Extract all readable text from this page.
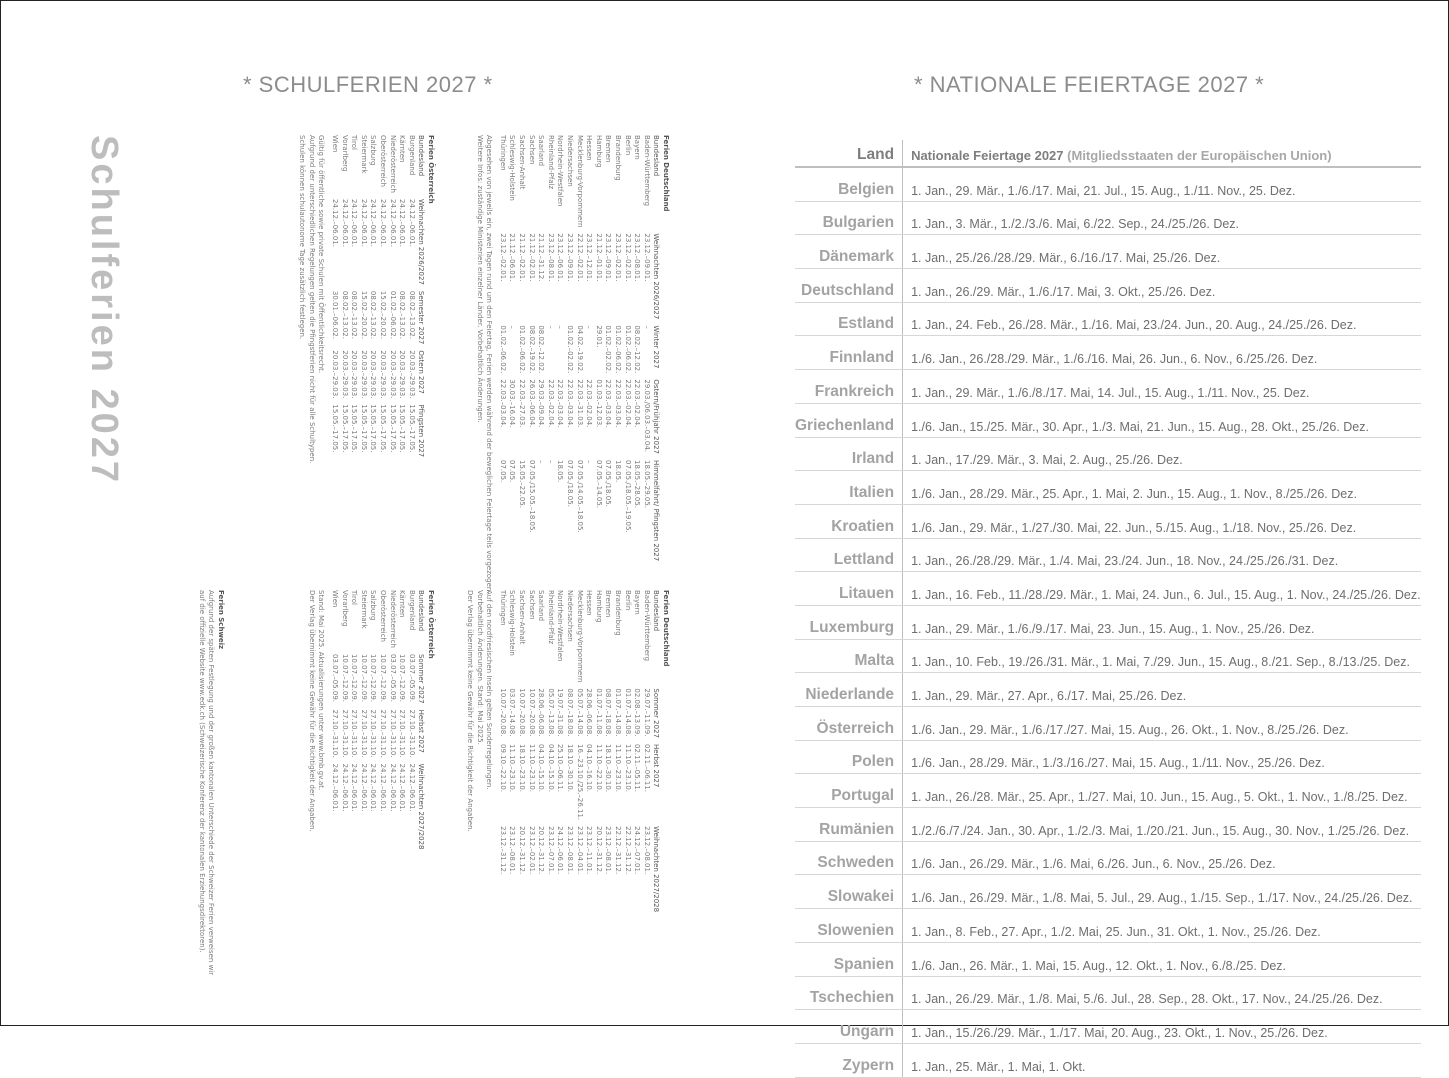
* SCHULFERIEN 2027 *	* NATIONALE FEIERTAGE 2027 *
Schulferien 2027	Ferien Deutschland
Bundesland	Weihnachten 2026/2027	Winter 2027	Ostern/Frühjahr 2027	Himmelfahrt/ Pfingsten 2027
Baden-Württemberg	23.12.–09.01.	–	29.03./06.03.–03.04.	18.05.–29.05.
Bayern	23.12.–08.01.	08.02.–12.02.	22.03.–02.04.	18.05.–28.05.
Berlin	23.12.–02.01.	01.02.–06.02.	22.03.–02.04.	07.05./18.05.–19.05.
Brandenburg	23.12.–02.01.	01.02.–06.02.	22.03.–03.04.	18.05.
Bremen	23.12.–09.01.	01.02.–02.02.	22.03.–03.04.	07.05./18.05.
Hamburg	21.12.–01.01.	29.01.	01.03.–12.03.	07.05.–14.05.
Hessen	23.12.–12.01.	–	22.03.–02.04.	–
Mecklenburg-Vorpommern	22.12.–02.01.	04.02.–19.02.	22.03.–31.03.	07.05./14.05.–18.05.
Niedersachsen	23.12.–09.01.	01.02.–02.02.	22.03.–03.04.	07.05./18.05.
Nordrhein-Westfalen	23.12.–06.01.	–	22.03.–03.04.	18.05.
Rheinland-Pfalz	23.12.–08.01.	–	22.03.–02.04.	–
Saarland	21.12.–31.12.	08.02.–12.02.	29.03.–09.04.	–
Sachsen	21.12.–02.01.	08.02.–19.02.	26.03.–06.04.	07.05./15.05.–18.05.
Sachsen-Anhalt	21.12.–02.01.	01.02.–06.02.	22.03.–27.03.	15.05.–22.05.
Schleswig-Holstein	21.12.–06.01.	–	30.03.–16.04.	07.05.
Thüringen	23.12.–02.01.	01.02.–06.02.	22.03.–03.04.	07.05.
Abgesehen von jeweils ein, zwei Tagen rund um den Feiertag, Ferien werden während der beweglichen Feiertage teils vorgezogen.
Weitere Infos: zuständige Ministerien einzelner Länder. Vorbehaltlich Änderungen.
Ferien Österreich
Bundesland	Weihnachten 2026/2027	Semester 2027	Ostern 2027	Pfingsten 2027
Burgenland	24.12.–06.01.	08.02.–13.02.	20.03.–29.03.	15.05.–17.05.
Kärnten	24.12.–06.01.	08.02.–13.02.	20.03.–29.03.	15.05.–17.05.
Niederösterreich	24.12.–06.01.	01.02.–06.02.	20.03.–29.03.	15.05.–17.05.
Oberösterreich	24.12.–06.01.	15.02.–20.02.	20.03.–29.03.	15.05.–17.05.
Salzburg	24.12.–06.01.	08.02.–13.02.	20.03.–29.03.	15.05.–17.05.
Steiermark	24.12.–06.01.	15.02.–20.02.	20.03.–29.03.	15.05.–17.05.
Tirol	24.12.–06.01.	08.02.–13.02.	20.03.–29.03.	15.05.–17.05.
Vorarlberg	24.12.–06.01.	08.02.–13.02.	20.03.–29.03.	15.05.–17.05.
Wien	24.12.–06.01.	30.01.–06.02.	20.03.–29.03.	15.05.–17.05.
Gültig für öffentliche sowie private Schulen mit Öffentlichkeitsrecht.
Aufgrund der unterschiedlichen Regelungen gelten die Pfingstferien nicht für alle Schultypen.
Schulen können schulautonome Tage zusätzlich festlegen.
Ferien Deutschland
Bundesland	Sommer 2027	Herbst 2027	Weihnachten 2027/2028
Baden-Württemberg	29.07.–11.09.	02.11.–06.11.	23.12.–08.01.
Bayern	02.08.–13.09.	02.11.–05.11.	24.12.–07.01.
Berlin	01.07.–14.08.	11.10.–23.10.	22.12.–31.12.
Brandenburg	01.07.–14.08.	11.10.–23.10.	22.12.–31.12.
Bremen	08.07.–18.08.	18.10.–30.10.	23.12.–08.01.
Hamburg	01.07.–11.08.	11.10.–22.10.	20.12.–31.12.
Hessen	28.06.–06.08.	04.10.–16.10.	23.12.–11.01.
Mecklenburg-Vorpommern	05.07.–14.08.	16.–23.10./25.–26.11.	23.12.–04.01.
Niedersachsen	08.07.–18.08.	18.10.–30.10.	23.12.–08.01.
Nordrhein-Westfalen	19.07.–31.08.	25.10.–06.11.	24.12.–06.01.
Rheinland-Pfalz	05.07.–13.08.	04.10.–15.10.	23.12.–07.01.
Saarland	28.06.–06.08.	04.10.–15.10.	20.12.–31.12.
Sachsen	10.07.–20.08.	11.10.–23.10.	23.12.–02.01.
Sachsen-Anhalt	10.07.–20.08.	18.10.–23.10.	20.12.–31.12.
Schleswig-Holstein	03.07.–14.08.	11.10.–23.10.	23.12.–08.01.
Thüringen	10.07.–20.08.	09.10.–22.10.	23.12.–31.12.
Auf den nordfriesischen Inseln gelten Sonderregelungen.
Vorbehaltlich Änderungen. Stand: Mai 2025.
Der Verlag übernimmt keine Gewähr für die Richtigkeit der Angaben.
Ferien Österreich
Bundesland	Sommer 2027	Herbst 2027	Weihnachten 2027/2028
Burgenland	03.07.–05.09.	27.10.–31.10.	24.12.–06.01.
Kärnten	10.07.–12.09.	27.10.–31.10.	24.12.–06.01.
Niederösterreich	03.07.–05.09.	27.10.–31.10.	24.12.–06.01.
Oberösterreich	10.07.–12.09.	27.10.–31.10.	24.12.–06.01.
Salzburg	10.07.–12.09.	27.10.–31.10.	24.12.–06.01.
Steiermark	10.07.–12.09.	27.10.–31.10.	24.12.–06.01.
Tirol	10.07.–12.09.	27.10.–31.10.	24.12.–06.01.
Vorarlberg	10.07.–12.09.	27.10.–31.10.	24.12.–06.01.
Wien	03.07.–05.09.	27.10.–31.10.	24.12.–06.01.
Stand: Mai 2025. Aktualisierungen unter www.bmb.gv.at.
Der Verlag übernimmt keine Gewähr für die Richtigkeit der Angaben.
Ferien Schweiz
Aufgrund der späten Festlegung und der großen kantonalen Unterschiede der Schweizer Ferien verweisen wir
auf die offizielle Website www.edk.ch (Schweizerische Konferenz der kantonalen Erziehungsdirektoren).
Land	Nationale Feiertage 2027 (Mitgliedsstaaten der Europäischen Union)
Belgien	1. Jan., 29. Mär., 1./6./17. Mai, 21. Jul., 15. Aug., 1./11. Nov., 25. Dez.
Bulgarien	1. Jan., 3. Mär., 1./2./3./6. Mai, 6./22. Sep., 24./25./26. Dez.
Dänemark	1. Jan., 25./26./28./29. Mär., 6./16./17. Mai, 25./26. Dez.
Deutschland	1. Jan., 26./29. Mär., 1./6./17. Mai, 3. Okt., 25./26. Dez.
Estland	1. Jan., 24. Feb., 26./28. Mär., 1./16. Mai, 23./24. Jun., 20. Aug., 24./25./26. Dez.
Finnland	1./6. Jan., 26./28./29. Mär., 1./6./16. Mai, 26. Jun., 6. Nov., 6./25./26. Dez.
Frankreich	1. Jan., 29. Mär., 1./6./8./17. Mai, 14. Jul., 15. Aug., 1./11. Nov., 25. Dez.
Griechenland	1./6. Jan., 15./25. Mär., 30. Apr., 1./3. Mai, 21. Jun., 15. Aug., 28. Okt., 25./26. Dez.
Irland	1. Jan., 17./29. Mär., 3. Mai, 2. Aug., 25./26. Dez.
Italien	1./6. Jan., 28./29. Mär., 25. Apr., 1. Mai, 2. Jun., 15. Aug., 1. Nov., 8./25./26. Dez.
Kroatien	1./6. Jan., 29. Mär., 1./27./30. Mai, 22. Jun., 5./15. Aug., 1./18. Nov., 25./26. Dez.
Lettland	1. Jan., 26./28./29. Mär., 1./4. Mai, 23./24. Jun., 18. Nov., 24./25./26./31. Dez.
Litauen	1. Jan., 16. Feb., 11./28./29. Mär., 1. Mai, 24. Jun., 6. Jul., 15. Aug., 1. Nov., 24./25./26. Dez.
Luxemburg	1. Jan., 29. Mär., 1./6./9./17. Mai, 23. Jun., 15. Aug., 1. Nov., 25./26. Dez.
Malta	1. Jan., 10. Feb., 19./26./31. Mär., 1. Mai, 7./29. Jun., 15. Aug., 8./21. Sep., 8./13./25. Dez.
Niederlande	1. Jan., 29. Mär., 27. Apr., 6./17. Mai, 25./26. Dez.
Österreich	1./6. Jan., 29. Mär., 1./6./17./27. Mai, 15. Aug., 26. Okt., 1. Nov., 8./25./26. Dez.
Polen	1./6. Jan., 28./29. Mär., 1./3./16./27. Mai, 15. Aug., 1./11. Nov., 25./26. Dez.
Portugal	1. Jan., 26./28. Mär., 25. Apr., 1./27. Mai, 10. Jun., 15. Aug., 5. Okt., 1. Nov., 1./8./25. Dez.
Rumänien	1./2./6./7./24. Jan., 30. Apr., 1./2./3. Mai, 1./20./21. Jun., 15. Aug., 30. Nov., 1./25./26. Dez.
Schweden	1./6. Jan., 26./29. Mär., 1./6. Mai, 6./26. Jun., 6. Nov., 25./26. Dez.
Slowakei	1./6. Jan., 26./29. Mär., 1./8. Mai, 5. Jul., 29. Aug., 1./15. Sep., 1./17. Nov., 24./25./26. Dez.
Slowenien	1. Jan., 8. Feb., 27. Apr., 1./2. Mai, 25. Jun., 31. Okt., 1. Nov., 25./26. Dez.
Spanien	1./6. Jan., 26. Mär., 1. Mai, 15. Aug., 12. Okt., 1. Nov., 6./8./25. Dez.
Tschechien	1. Jan., 26./29. Mär., 1./8. Mai, 5./6. Jul., 28. Sep., 28. Okt., 17. Nov., 24./25./26. Dez.
Ungarn	1. Jan., 15./26./29. Mär., 1./17. Mai, 20. Aug., 23. Okt., 1. Nov., 25./26. Dez.
Zypern	1. Jan., 25. Mär., 1. Mai, 1. Okt.
